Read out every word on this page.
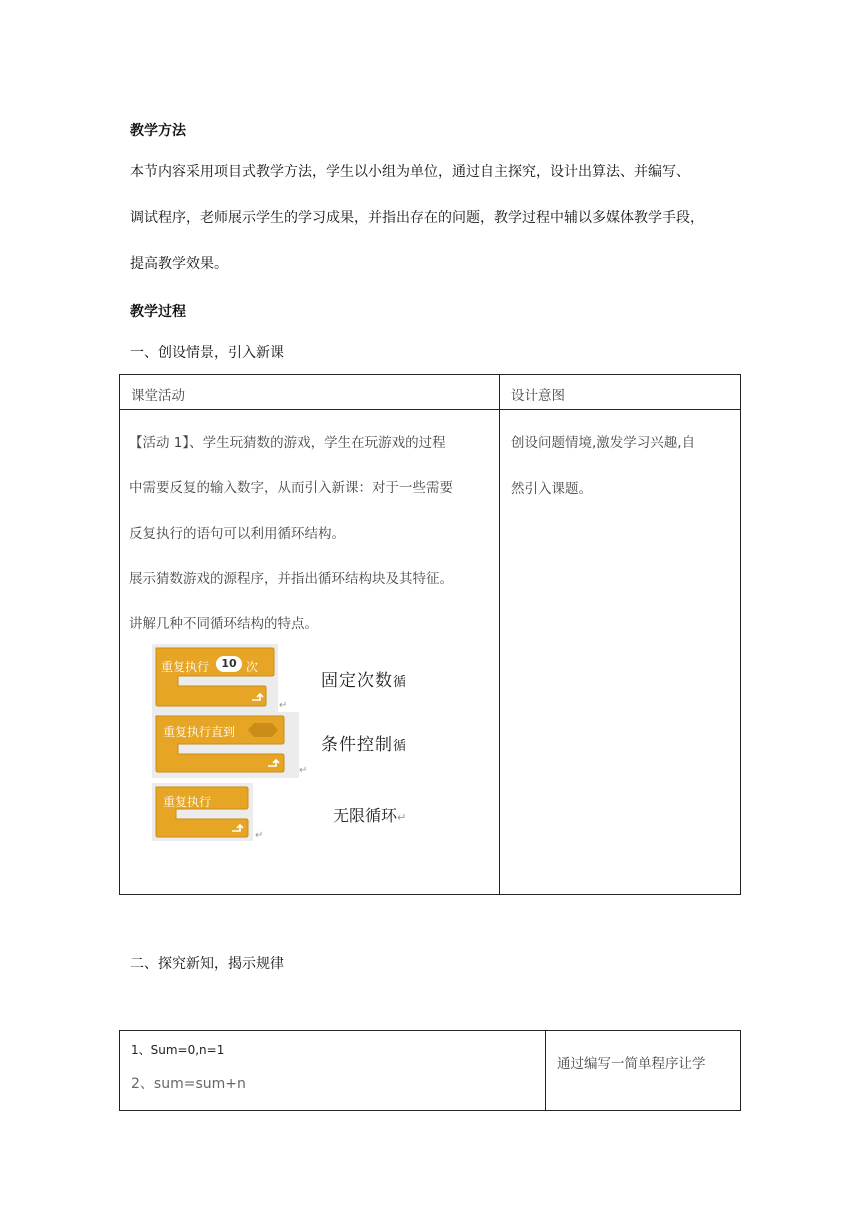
教学方法
本节内容采用项目式教学方法，学生以小组为单位，通过自主探究，设计出算法、并编写、
调试程序，老师展示学生的学习成果，并指出存在的问题，教学过程中辅以多媒体教学手段，
提高教学效果。
教学过程
一、创设情景，引入新课
课堂活动	设计意图
【活动 1】、学生玩猜数的游戏，学生在玩游戏的过程
中需要反复的输入数字，从而引入新课：对于一些需要
反复执行的语句可以利用循环结构。
展示猜数游戏的源程序，并指出循环结构块及其特征。
讲解几种不同循环结构的特点。
创设问题情境,激发学习兴趣,自
然引入课题。
重复执行	10 次
↵
固定次数循
重复执行直到
↵
条件控制循
重复执行
↵
无限循环↵
二、探究新知，揭示规律
1、Sum=0,n=1
2、sum=sum+n
通过编写一简单程序让学
